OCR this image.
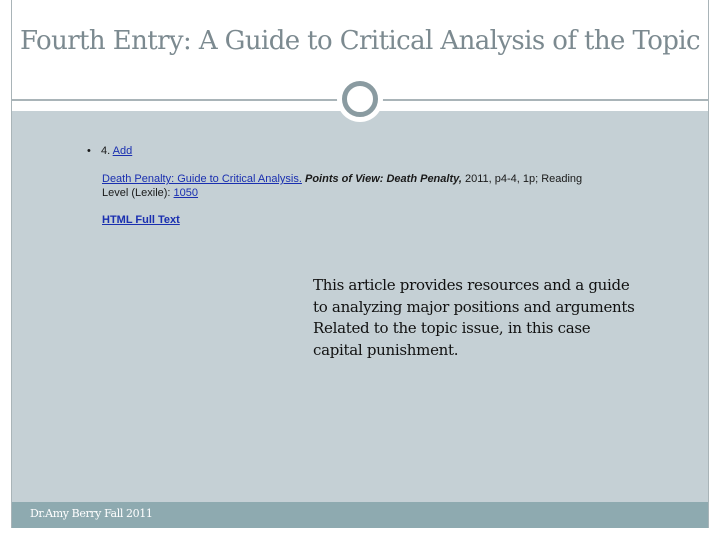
Fourth Entry: A Guide to Critical Analysis of the Topic
• 4. Add
Death Penalty: Guide to Critical Analysis. Points of View: Death Penalty, 2011, p4-4, 1p; Reading Level (Lexile): 1050
HTML Full Text
This article provides resources and a guide
to analyzing major positions and arguments
Related to the topic issue, in this case
capital punishment.
Dr.Amy Berry Fall 2011
